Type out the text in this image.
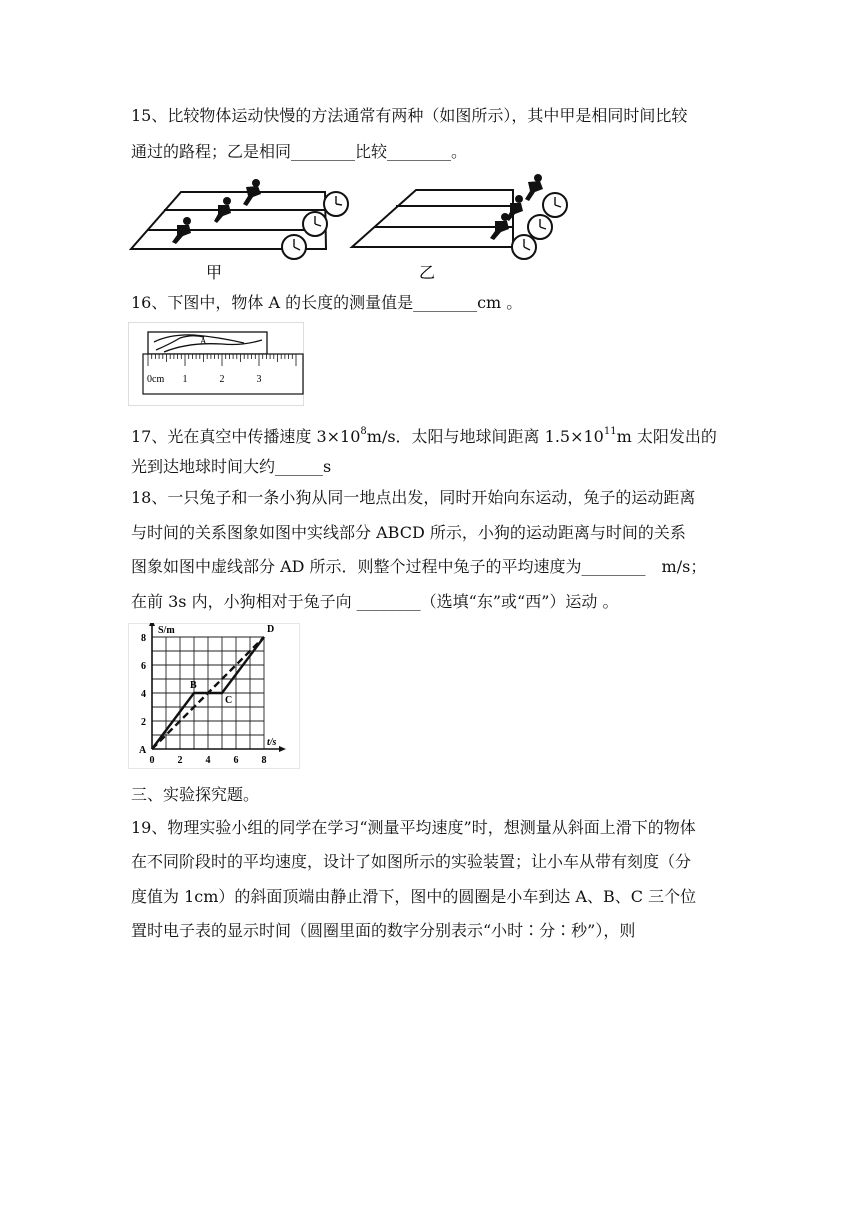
15、比较物体运动快慢的方法通常有两种（如图所示），其中甲是相同时间比较
通过的路程；乙是相同________比较________。
甲	乙
16、下图中，物体 A 的长度的测量值是________cm 。
A
0cm 1	2	3
17、光在真空中传播速度 $3\times 10^8m/s$．太阳与地球间距离 $1.5\times 10^{11}m$ 太阳发出的
光到达地球时间大约______s
18、一只兔子和一条小狗从同一地点出发，同时开始向东运动，兔子的运动距离
与时间的关系图象如图中实线部分 ABCD 所示，小狗的运动距离与时间的关系
图象如图中虚线部分 AD 所示．则整个过程中兔子的平均速度为________　m/s；
在前 3s 内，小狗相对于兔子向 ________（选填“东”或“西”）运动 。
0 2 4 6 8
2
4
6
8
S/m
t/s
A
B
C
D
三、实验探究题。
19、物理实验小组的同学在学习“测量平均速度”时，想测量从斜面上滑下的物体
在不同阶段时的平均速度，设计了如图所示的实验装置；让小车从带有刻度（分
度值为 1cm）的斜面顶端由静止滑下，图中的圆圈是小车到达 A、B、C 三个位
置时电子表的显示时间（圆圈里面的数字分别表示“小时∶分∶秒”），则
